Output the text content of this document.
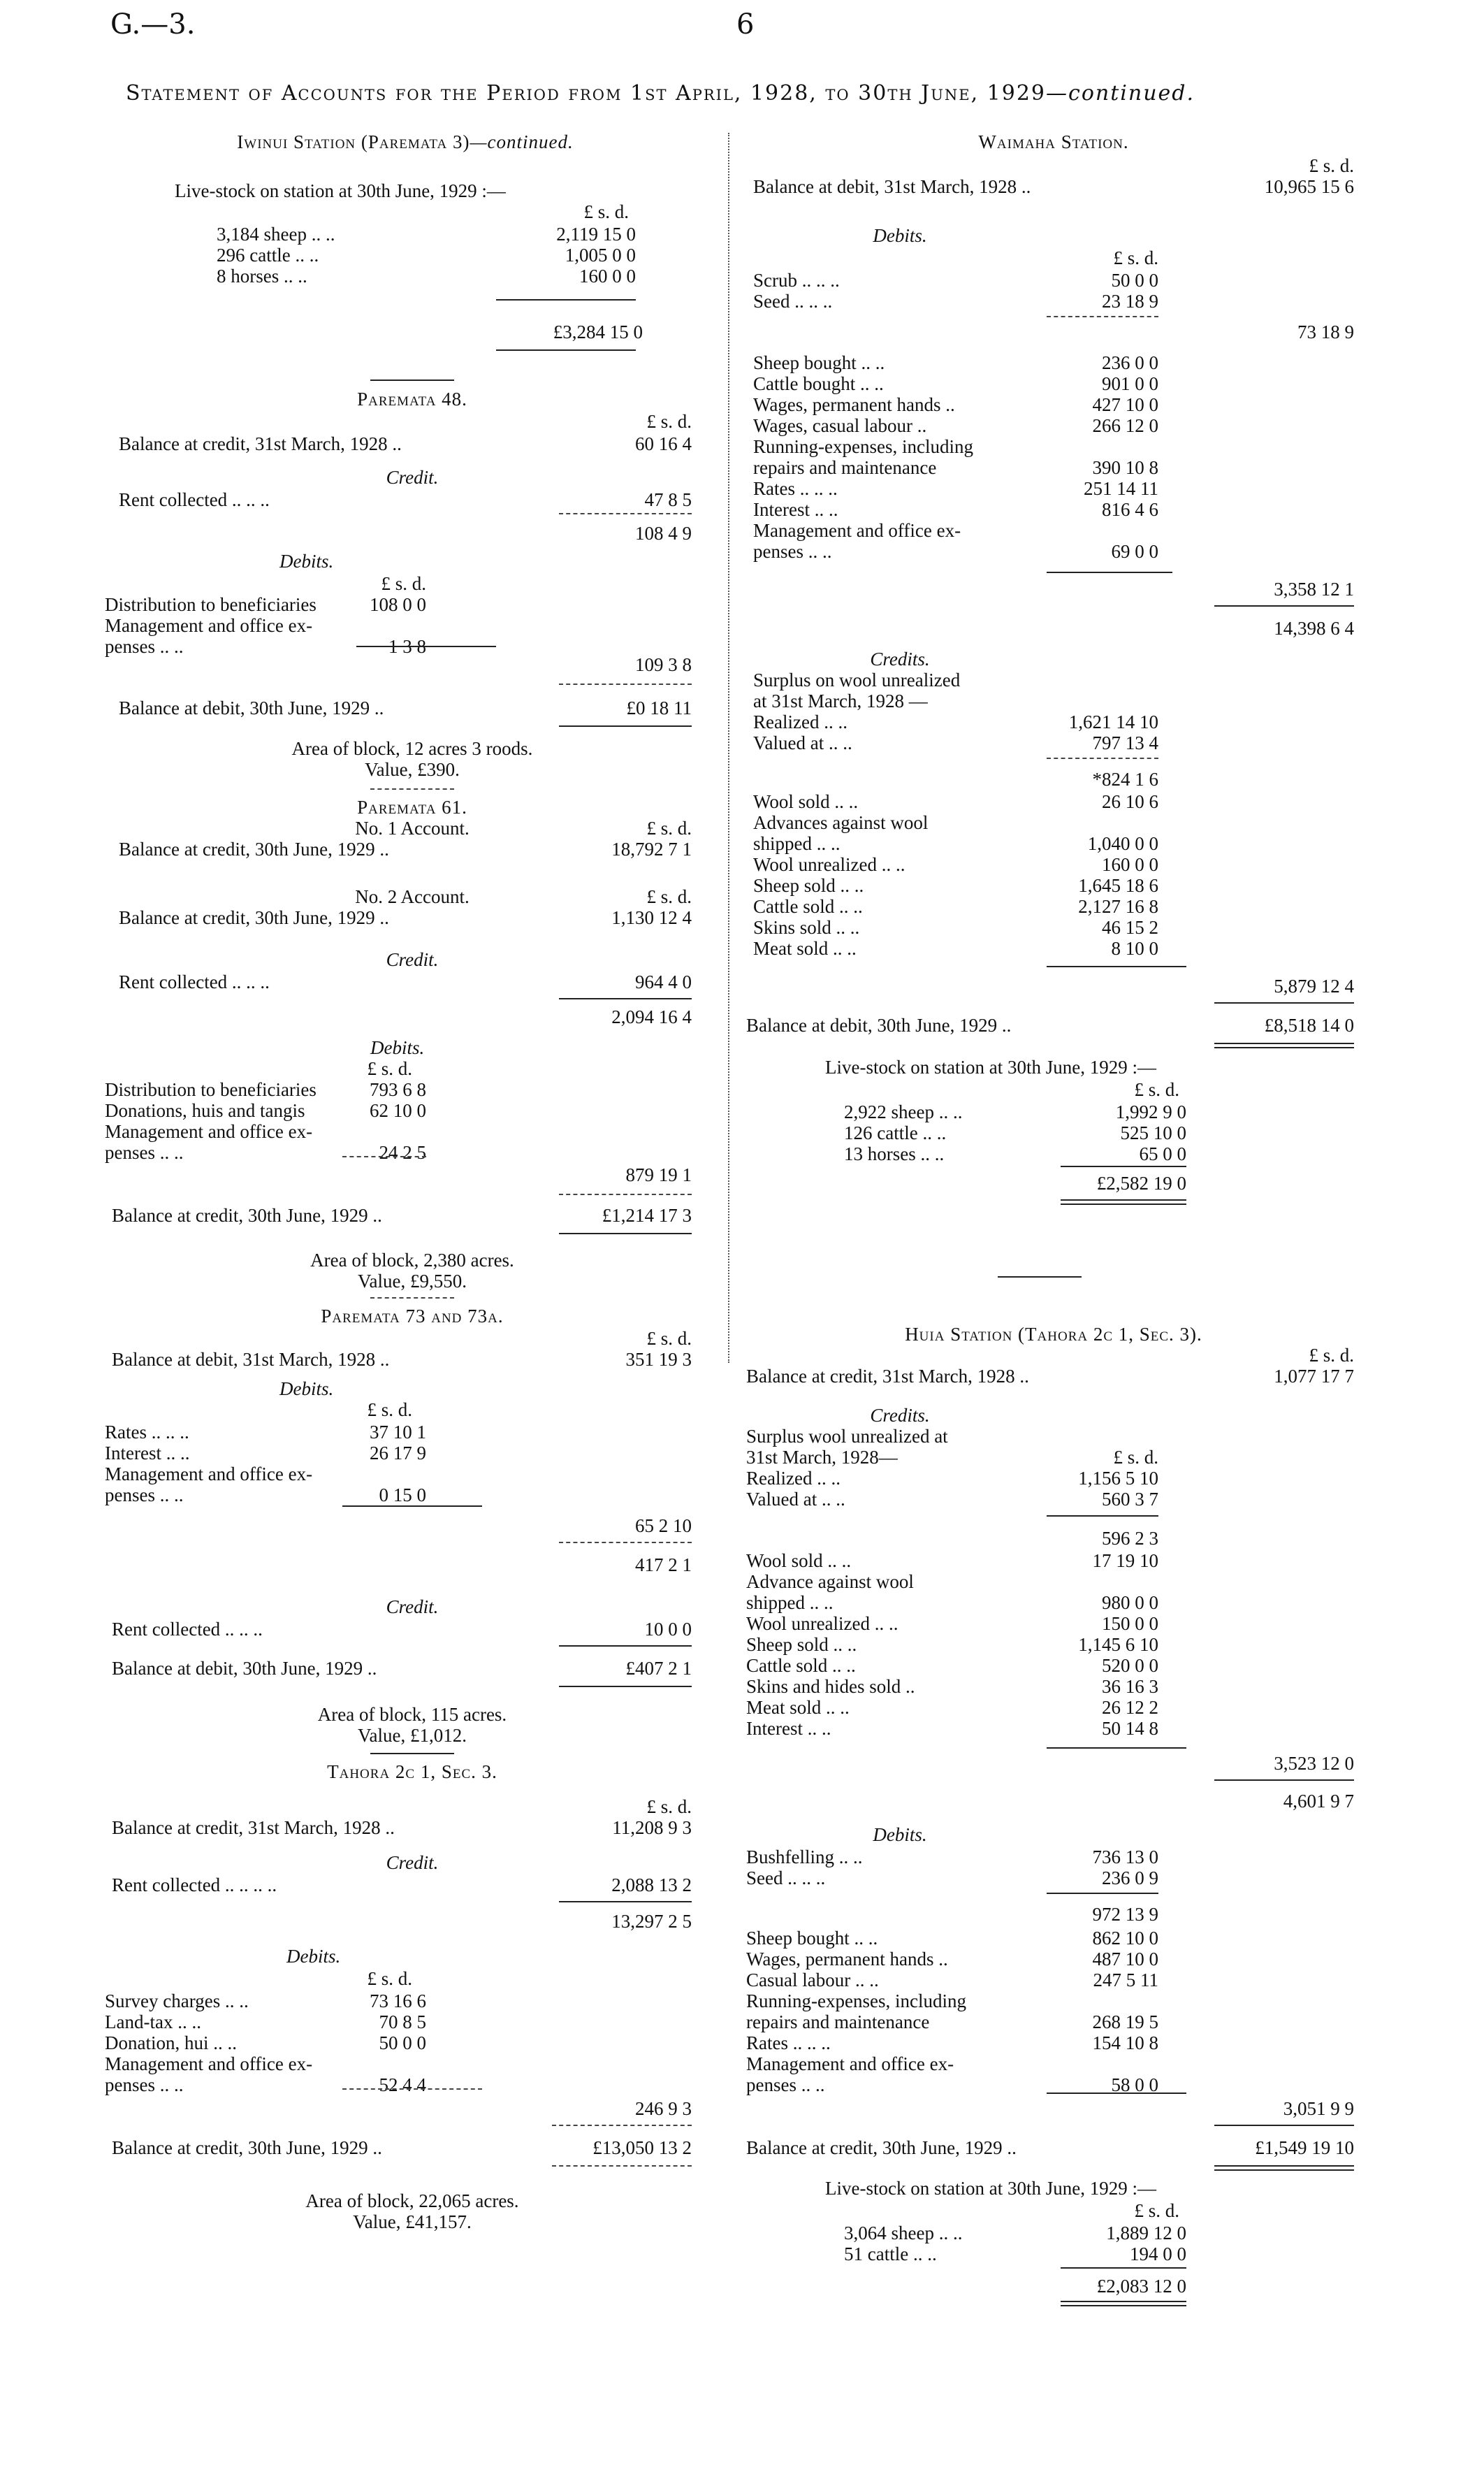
G.—3.	6
Statement of Accounts for the Period from 1st April, 1928, to 30th June, 1929—continued.
Iwinui Station (Paremata 3)—continued.
Live-stock on station at 30th June, 1929 :—
£ s. d.
3,184 sheep .. ..	2,119 15 0
296 cattle .. ..	1,005 0 0
8 horses .. ..	160 0 0
£3,284 15 0
Paremata 48.
£ s. d.
Balance at credit, 31st March, 1928 ..	60 16 4
Credit.
Rent collected .. .. ..	47 8 5
108 4 9
Debits.
£ s. d.
Distribution to beneficiaries	108 0 0
Management and office ex-
penses .. ..	1 3 8
109 3 8
Balance at debit, 30th June, 1929 ..	£0 18 11
Area of block, 12 acres 3 roods.
Value, £390.
Paremata 61.
No. 1 Account.	£ s. d.
Balance at credit, 30th June, 1929 ..	18,792 7 1
No. 2 Account.	£ s. d.
Balance at credit, 30th June, 1929 ..	1,130 12 4
Credit.
Rent collected .. .. ..	964 4 0
2,094 16 4
Debits.
£ s. d.
Distribution to beneficiaries	793 6 8
Donations, huis and tangis	62 10 0
Management and office ex-
penses .. ..	24 2 5
879 19 1
Balance at credit, 30th June, 1929 ..	£1,214 17 3
Area of block, 2,380 acres.
Value, £9,550.
Paremata 73 and 73a.
£ s. d.
Balance at debit, 31st March, 1928 ..	351 19 3
Debits.
£ s. d.
Rates .. .. ..	37 10 1
Interest .. ..	26 17 9
Management and office ex-
penses .. ..	0 15 0
65 2 10
417 2 1
Credit.
Rent collected .. .. ..	10 0 0
Balance at debit, 30th June, 1929 ..	£407 2 1
Area of block, 115 acres.
Value, £1,012.
Tahora 2c 1, Sec. 3.
£ s. d.
Balance at credit, 31st March, 1928 ..	11,208 9 3
Credit.
Rent collected .. .. .. ..	2,088 13 2
13,297 2 5
Debits.
£ s. d.
Survey charges .. ..	73 16 6
Land-tax .. ..	70 8 5
Donation, hui .. ..	50 0 0
Management and office ex-
penses .. ..	52 4 4
246 9 3
Balance at credit, 30th June, 1929 ..	£13,050 13 2
Area of block, 22,065 acres.
Value, £41,157.
Waimaha Station.
£ s. d.
Balance at debit, 31st March, 1928 ..	10,965 15 6
Debits.
£ s. d.
Scrub .. .. ..	50 0 0
Seed .. .. ..	23 18 9
73 18 9
Sheep bought .. ..	236 0 0
Cattle bought .. ..	901 0 0
Wages, permanent hands ..	427 10 0
Wages, casual labour ..	266 12 0
Running-expenses, including
repairs and maintenance	390 10 8
Rates .. .. ..	251 14 11
Interest .. ..	816 4 6
Management and office ex-
penses .. ..	69 0 0
3,358 12 1
14,398 6 4
Credits.
Surplus on wool unrealized
at 31st March, 1928 —
Realized .. ..	1,621 14 10
Valued at .. ..	797 13 4
*824 1 6
Wool sold .. ..	26 10 6
Advances against wool
shipped .. ..	1,040 0 0
Wool unrealized .. ..	160 0 0
Sheep sold .. ..	1,645 18 6
Cattle sold .. ..	2,127 16 8
Skins sold .. ..	46 15 2
Meat sold .. ..	8 10 0
5,879 12 4
Balance at debit, 30th June, 1929 ..	£8,518 14 0
Live-stock on station at 30th June, 1929 :—
£ s. d.
2,922 sheep .. ..	1,992 9 0
126 cattle .. ..	525 10 0
13 horses .. ..	65 0 0
£2,582 19 0
Huia Station (Tahora 2c 1, Sec. 3).
£ s. d.
Balance at credit, 31st March, 1928 ..	1,077 17 7
Credits.
Surplus wool unrealized at
31st March, 1928—	£ s. d.
Realized .. ..	1,156 5 10
Valued at .. ..	560 3 7
596 2 3
Wool sold .. ..	17 19 10
Advance against wool
shipped .. ..	980 0 0
Wool unrealized .. ..	150 0 0
Sheep sold .. ..	1,145 6 10
Cattle sold .. ..	520 0 0
Skins and hides sold ..	36 16 3
Meat sold .. ..	26 12 2
Interest .. ..	50 14 8
3,523 12 0
4,601 9 7
Debits.
Bushfelling .. ..	736 13 0
Seed .. .. ..	236 0 9
972 13 9
Sheep bought .. ..	862 10 0
Wages, permanent hands ..	487 10 0
Casual labour .. ..	247 5 11
Running-expenses, including
repairs and maintenance	268 19 5
Rates .. .. ..	154 10 8
Management and office ex-
penses .. ..	58 0 0
3,051 9 9
Balance at credit, 30th June, 1929 ..	£1,549 19 10
Live-stock on station at 30th June, 1929 :—
£ s. d.
3,064 sheep .. ..	1,889 12 0
51 cattle .. ..	194 0 0
£2,083 12 0
